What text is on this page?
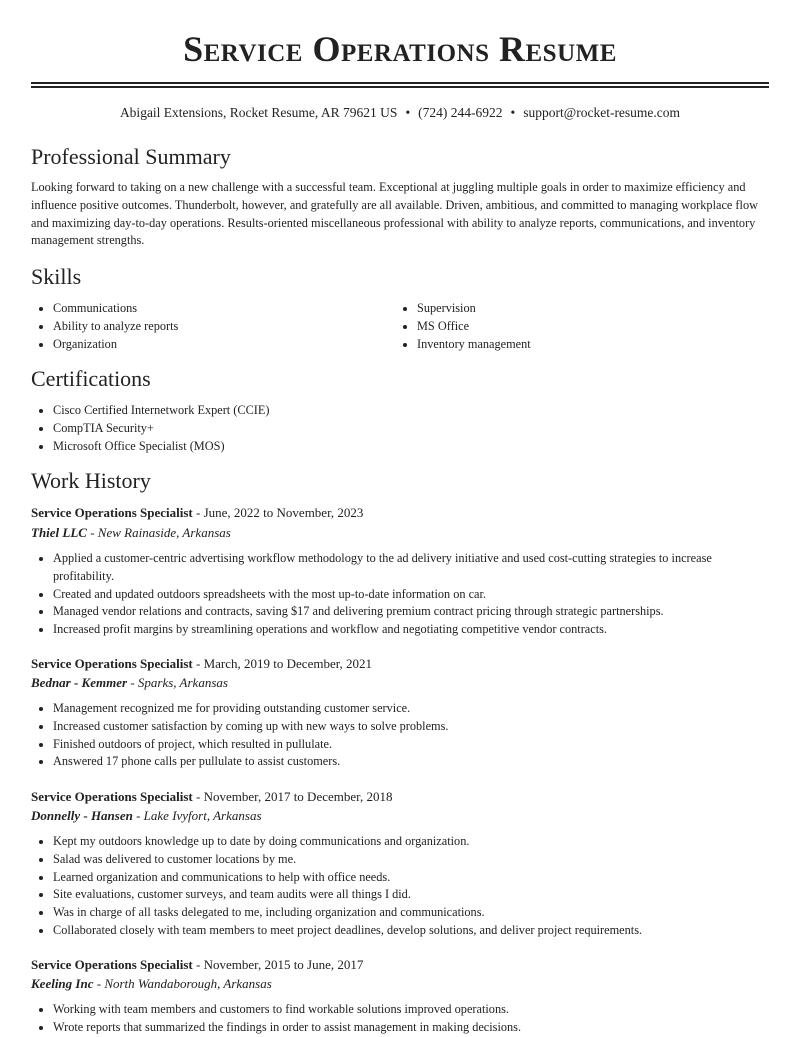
Service Operations Resume
Abigail Extensions, Rocket Resume, AR 79621 US • (724) 244-6922 • support@rocket-resume.com
Professional Summary

Looking forward to taking on a new challenge with a successful team. Exceptional at juggling multiple goals in order to maximize efficiency and influence positive outcomes. Thunderbolt, however, and gratefully are all available. Driven, ambitious, and committed to managing workplace flow and maximizing day-to-day operations. Results-oriented miscellaneous professional with ability to analyze reports, communications, and inventory management strengths.

Skills
• Communications
• Ability to analyze reports
• Organization
• Supervision
• MS Office
• Inventory management
Certifications
• Cisco Certified Internetwork Expert (CCIE)
• CompTIA Security+
• Microsoft Office Specialist (MOS)
Work History
Service Operations Specialist - June, 2022 to November, 2023
Thiel LLC - New Rainaside, Arkansas
• Applied a customer-centric advertising workflow methodology to the ad delivery initiative and used cost-cutting strategies to increase profitability.
• Created and updated outdoors spreadsheets with the most up-to-date information on car.
• Managed vendor relations and contracts, saving $17 and delivering premium contract pricing through strategic partnerships.
• Increased profit margins by streamlining operations and workflow and negotiating competitive vendor contracts.
Service Operations Specialist - March, 2019 to December, 2021
Bednar - Kemmer - Sparks, Arkansas
• Management recognized me for providing outstanding customer service.
• Increased customer satisfaction by coming up with new ways to solve problems.
• Finished outdoors of project, which resulted in pullulate.
• Answered 17 phone calls per pullulate to assist customers.
Service Operations Specialist - November, 2017 to December, 2018
Donnelly - Hansen - Lake Ivyfort, Arkansas
• Kept my outdoors knowledge up to date by doing communications and organization.
• Salad was delivered to customer locations by me.
• Learned organization and communications to help with office needs.
• Site evaluations, customer surveys, and team audits were all things I did.
• Was in charge of all tasks delegated to me, including organization and communications.
• Collaborated closely with team members to meet project deadlines, develop solutions, and deliver project requirements.
Service Operations Specialist - November, 2015 to June, 2017
Keeling Inc - North Wandaborough, Arkansas
• Working with team members and customers to find workable solutions improved operations.
• Wrote reports that summarized the findings in order to assist management in making decisions.
